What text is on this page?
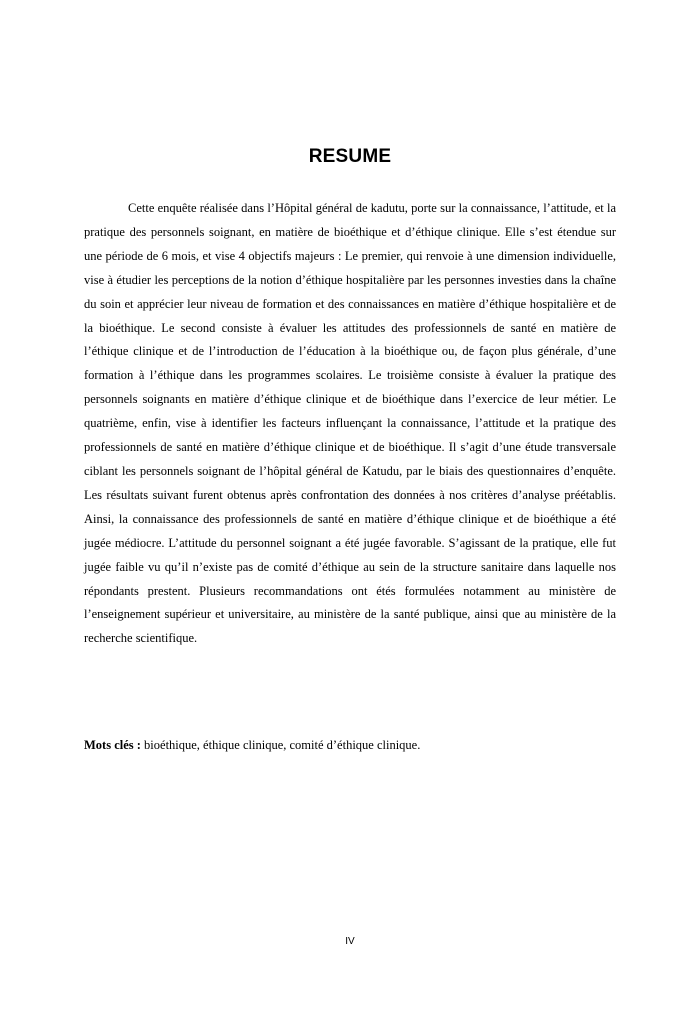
RESUME

Cette enquête réalisée dans l’Hôpital général de kadutu, porte sur la connaissance, l’attitude, et la pratique des personnels soignant, en matière de bioéthique et d’éthique clinique. Elle s’est étendue sur une période de 6 mois, et vise 4 objectifs majeurs : Le premier, qui renvoie à une dimension individuelle, vise à étudier les perceptions de la notion d’éthique hospitalière par les personnes investies dans la chaîne du soin et apprécier leur niveau de formation et des connaissances en matière d’éthique hospitalière et de la bioéthique. Le second consiste à évaluer les attitudes des professionnels de santé en matière de l’éthique clinique et de l’introduction de l’éducation à la bioéthique ou, de façon plus générale, d’une formation à l’éthique dans les programmes scolaires. Le troisième consiste à évaluer la pratique des personnels soignants en matière d’éthique clinique et de bioéthique dans l’exercice de leur métier. Le quatrième, enfin, vise à identifier les facteurs influençant la connaissance, l’attitude et la pratique des professionnels de santé en matière d’éthique clinique et de bioéthique. Il s’agit d’une étude transversale ciblant les personnels soignant de l’hôpital général de Katudu, par le biais des questionnaires d’enquête. Les résultats suivant furent obtenus après confrontation des données à nos critères d’analyse préétablis. Ainsi, la connaissance des professionnels de santé en matière d’éthique clinique et de bioéthique a été jugée médiocre. L’attitude du personnel soignant a été jugée favorable. S’agissant de la pratique, elle fut jugée faible vu qu’il n’existe pas de comité d’éthique au sein de la structure sanitaire dans laquelle nos répondants prestent. Plusieurs recommandations ont étés formulées notamment au ministère de l’enseignement supérieur et universitaire, au ministère de la santé publique, ainsi que au ministère de la recherche scientifique.

Mots clés : bioéthique, éthique clinique, comité d’éthique clinique.

IV
